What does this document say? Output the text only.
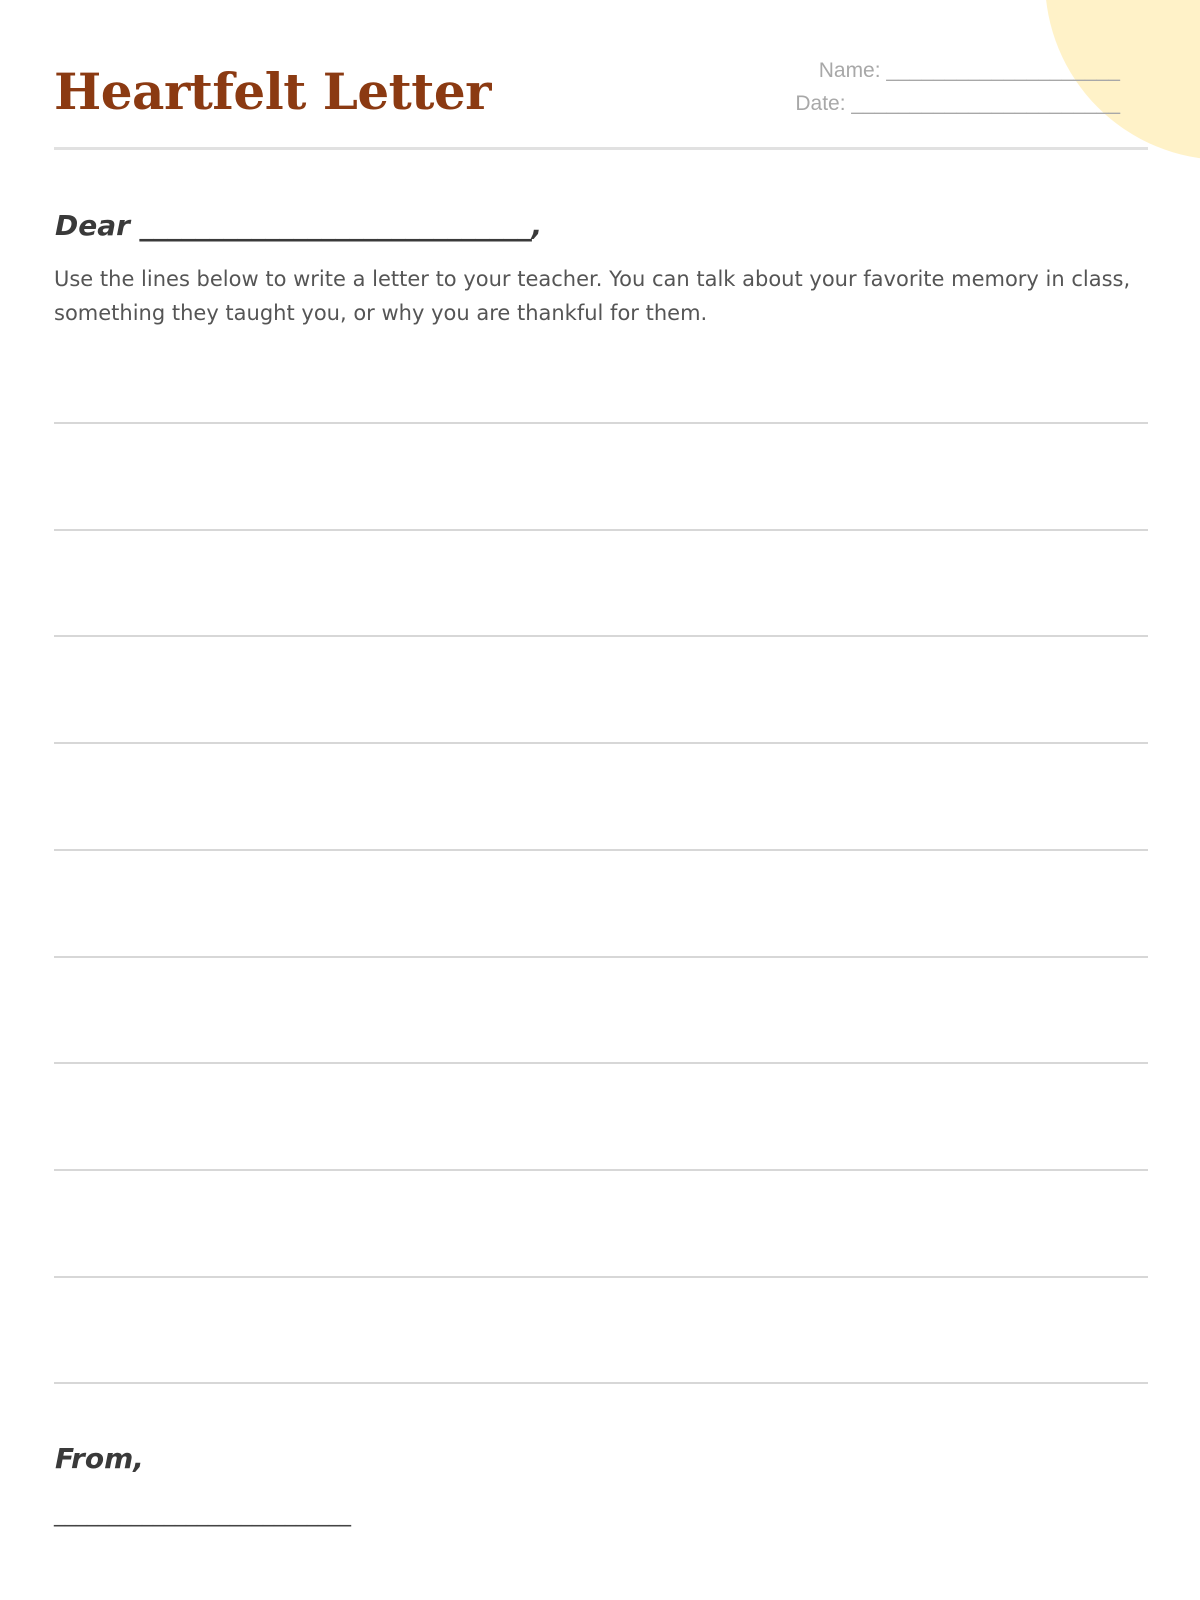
Heartfelt Letter	Name: ____________________
Date: _______________________
Dear ____________________________,

Use the lines below to write a letter to your teacher. You can talk about your favorite memory in class, something they taught you, or why you are thankful for them.

From,
___________________________
